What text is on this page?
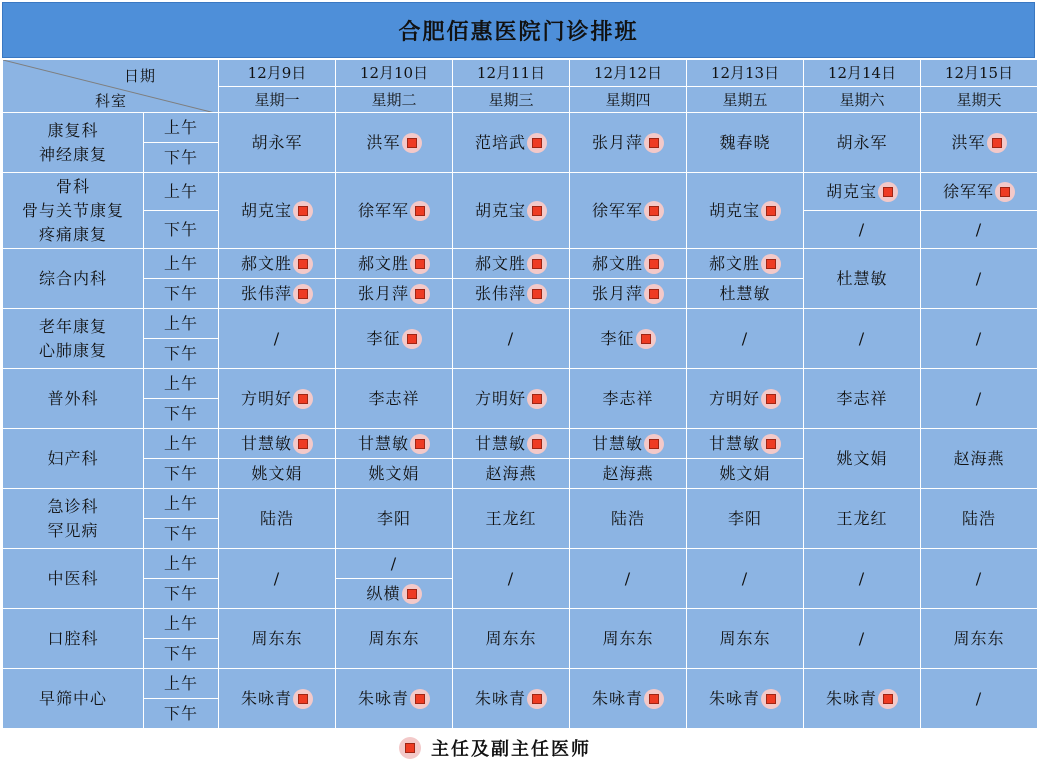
合肥佰惠医院门诊排班
日期
科室		12月9日	12月10日	12月11日	12月12日	12月13日	12月14日	12月15日
		星期一	星期二	星期三	星期四	星期五	星期六	星期天

康复科
神经康复	上午	胡永军	洪军	范培武	张月萍	魏春晓	胡永军	洪军
	下午							

骨科
骨与关节康复
疼痛康复	上午	胡克宝	徐军军	胡克宝	徐军军	胡克宝	胡克宝	徐军军
	下午						/	/

综合内科	上午	郝文胜	郝文胜	郝文胜	郝文胜	郝文胜	杜慧敏	/
	下午	张伟萍	张月萍	张伟萍	张月萍	杜慧敏		

老年康复
心肺康复	上午	/	李征	/	李征	/	/	/
	下午							

普外科	上午	方明好	李志祥	方明好	李志祥	方明好	李志祥	/
	下午							

妇产科	上午	甘慧敏	甘慧敏	甘慧敏	甘慧敏	甘慧敏	姚文娟	赵海燕
	下午	姚文娟	姚文娟	赵海燕	赵海燕	姚文娟		

急诊科
罕见病	上午	陆浩	李阳	王龙红	陆浩	李阳	王龙红	陆浩
	下午							

中医科	上午	/	/	/	/	/	/	/
	下午		纵横					

口腔科	上午	周东东	周东东	周东东	周东东	周东东	/	周东东
	下午							

早筛中心	上午	朱咏青	朱咏青	朱咏青	朱咏青	朱咏青	朱咏青	/
	下午							
主任及副主任医师
